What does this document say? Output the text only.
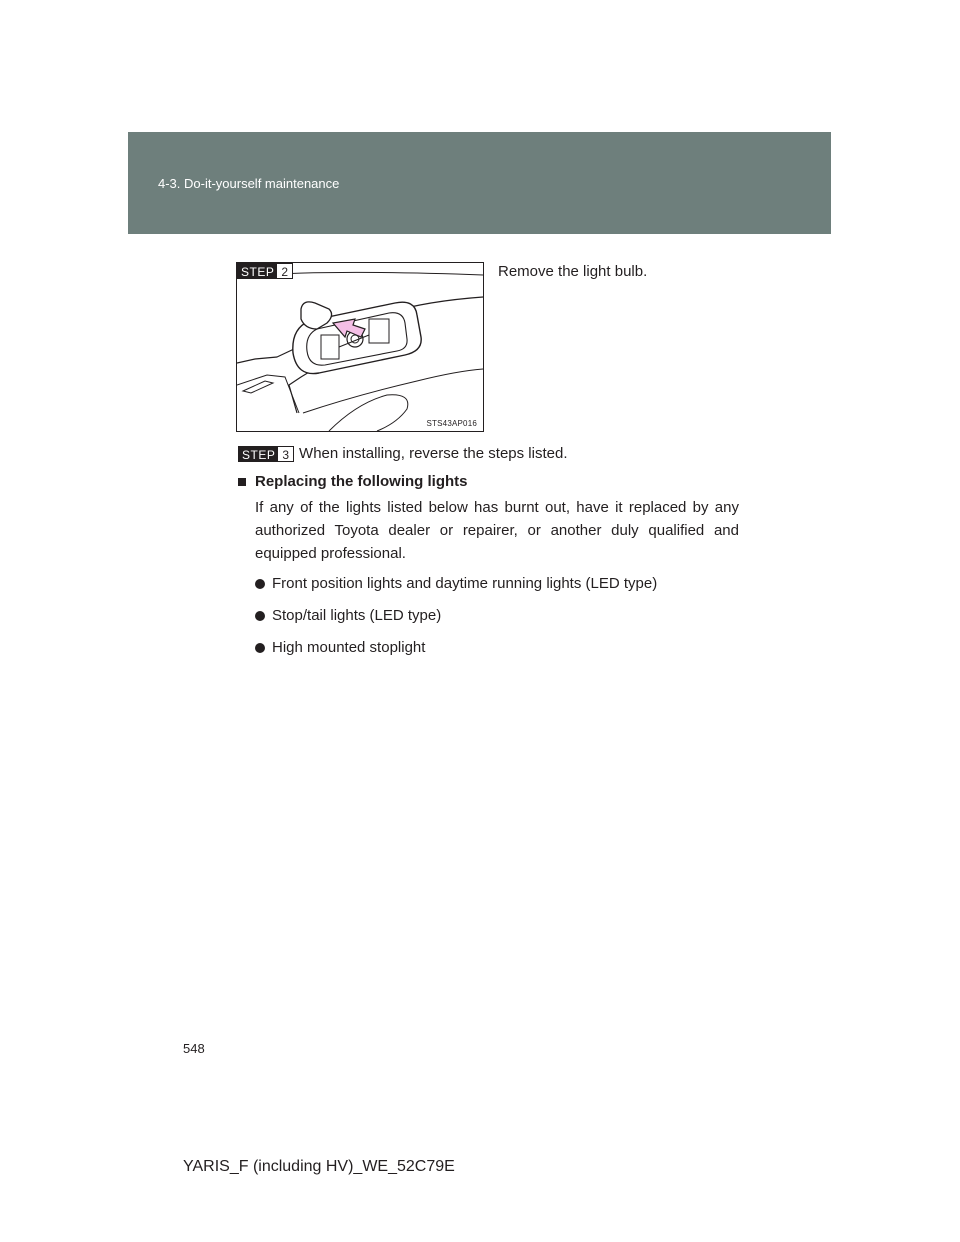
4-3. Do-it-yourself maintenance
STEP 2
STS43AP016
Remove the light bulb.
STEP 3 When installing, reverse the steps listed.
Replacing the following lights

If any of the lights listed below has burnt out, have it replaced by any authorized Toyota dealer or repairer, or another duly qualified and equipped professional.

Front position lights and daytime running lights (LED type)
Stop/tail lights (LED type)
High mounted stoplight
548
YARIS_F (including HV)_WE_52C79E
